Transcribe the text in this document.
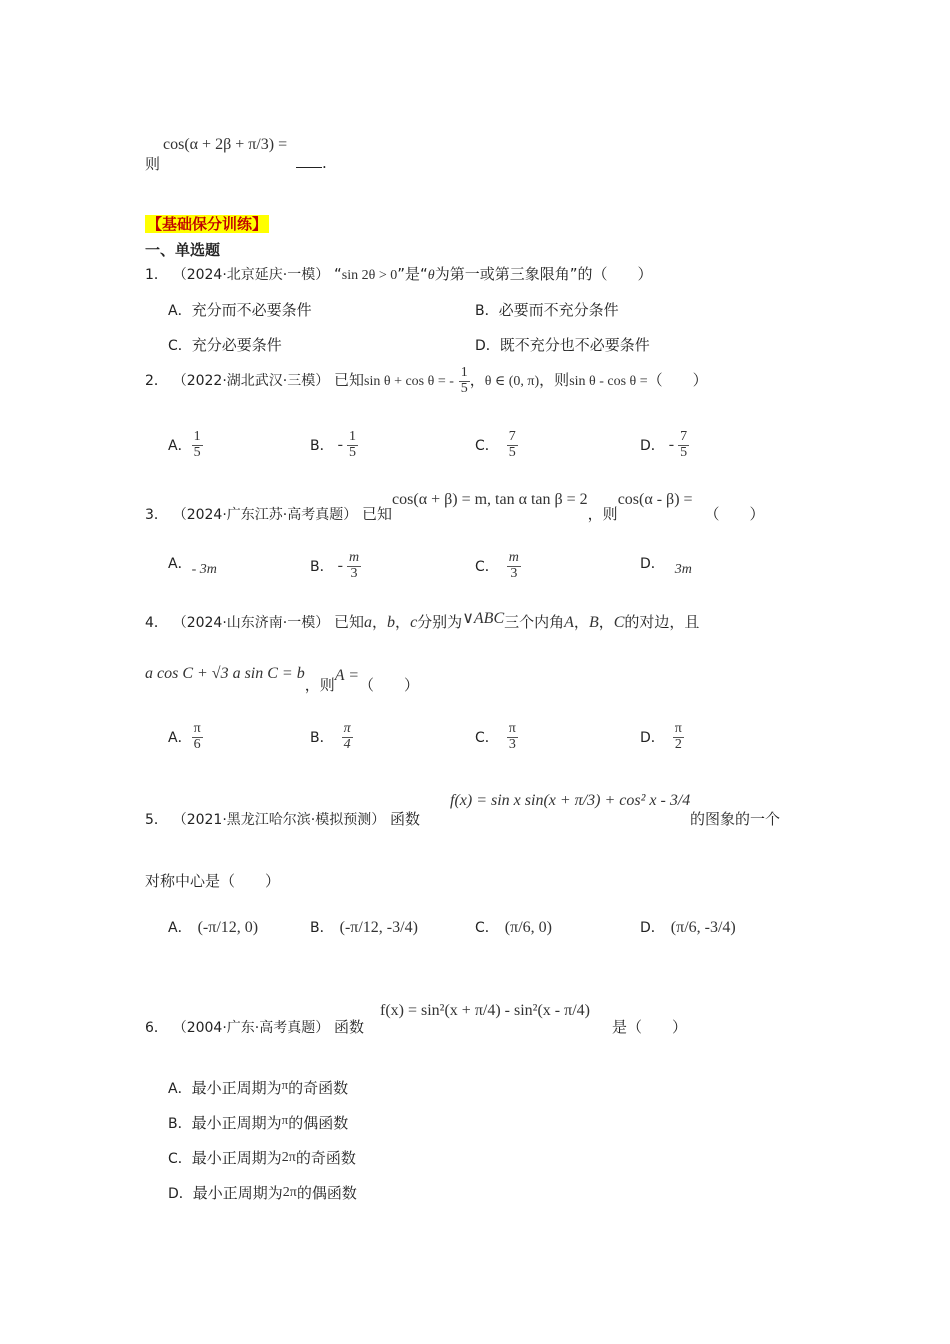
则
cos(α + 2β + π/3) =
.
【基础保分训练】
一、单选题
1． （2024·北京延庆·一模） “sin 2θ > 0”是“θ为第一或第三象限角”的（　　）
A．充分而不必要条件	B．必要而不充分条件
C．充分必要条件	D．既不充分也不必要条件
2． （2022·湖北武汉·三模） 已知sin θ + cos θ = - $\frac{1}{5}$ ，θ ∈ (0, π)，则sin θ - cos θ =（　　）
A． $\frac{1}{5}$	B． - $\frac{1}{5}$	C． $\frac{7}{5}$	D． - $\frac{7}{5}$
3． （2024·广东江苏·高考真题） 已知cos(α + β) = m, tan α tan β = 2，则cos(α - β) =（　　）
A．- 3m	B． - $\frac{m}{3}$	C． $\frac{m}{3}$	D． 3m
4． （2024·山东济南·一模） 已知a，b，c分别为∨ABC三个内角A，B，C的对边，且
a cos C + √3 a sin C = b，则A =（　　）
A． $\frac{\pi}{6}$	B． $\frac{\pi}{4}$	C． $\frac{\pi}{3}$	D． $\frac{\pi}{2}$
5． （2021·黑龙江哈尔滨·模拟预测） 函数
f(x) = sin x sin(x + π/3) + cos² x - 3/4
的图象的一个
对称中心是（　　）
A． (-π/12, 0)	B． (-π/12, -3/4)	C． (π/6, 0)	D． (π/6, -3/4)
6． （2004·广东·高考真题） 函数
f(x) = sin²(x + π/4) - sin²(x - π/4)
是（　　）
A．最小正周期为π的奇函数
B．最小正周期为π的偶函数
C．最小正周期为2π的奇函数
D．最小正周期为2π的偶函数
